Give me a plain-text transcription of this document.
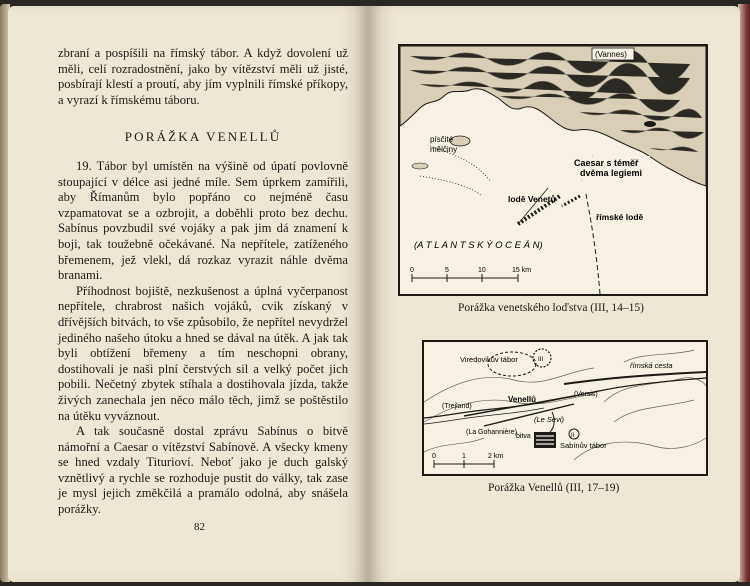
zbraní a pospíšili na římský tábor. A když dovolení už měli, celí rozradostnění, jako by vítězství měli už jisté, posbírají klestí a proutí, aby jím vyplnili římské příkopy, a vyrazí k římskému táboru.

PORÁŽKA VENELLŮ

19. Tábor byl umístěn na výšině od úpatí povlovně stoupající v délce asi jedné míle. Sem úprkem zamířili, aby Římanům bylo popřáno co nejméně času vzpamatovat se a ozbrojit, a doběhli proto bez dechu. Sabínus povzbudil své vojáky a pak jim dá znamení k boji, tak toužebně očekávané. Na nepřítele, zatíženého břemenem, jež vlekl, dá rozkaz vyrazit náhle dvěma branami.

Příhodnost bojiště, nezkušenost a úplná vyčerpanost nepřítele, chrabrost našich vojáků, cvik získaný v dřívějších bitvách, to vše způsobilo, že nepřítel nevydržel jediného našeho útoku a hned se dával na útěk. A jak tak byli obtížení břemeny a tím neschopni obrany, dostihovali je naši plní čerstvých sil a velký počet jich pobili. Nečetný zbytek stíhala a dostihovala jízda, takže živých zanechala jen něco málo těch, jimž se poštěstilo na útěku vyváznout.

A tak současně dostal zprávu Sabínus o bitvě námořní a Caesar o vítězství Sabínově. A všecky kmeny se hned vzdaly Titurioví. Neboť jako je duch galský vznětlivý a rychle se rozhoduje pustit do války, tak zase je mysl jejich změkčilá a pramálo odolná, aby snášela porážky.

82
(Vannes)
písčité
mělčiny
Caesar s téměř
dvěma legiemi
lodě Venetů
římské lodě
(A T L A N T S K Ý O C E Á N)
0	5	10	15 km
Porážka venetského loďstva (III, 14–15)
Viredovikův tábor	III
římská cesta
Venellů
(Trejland)
(Versis)
(Le Sevi)
(La Gohannière)
bitva
Sabínův tábor
II
0	1	2 km
Porážka Venellů (III, 17–19)
